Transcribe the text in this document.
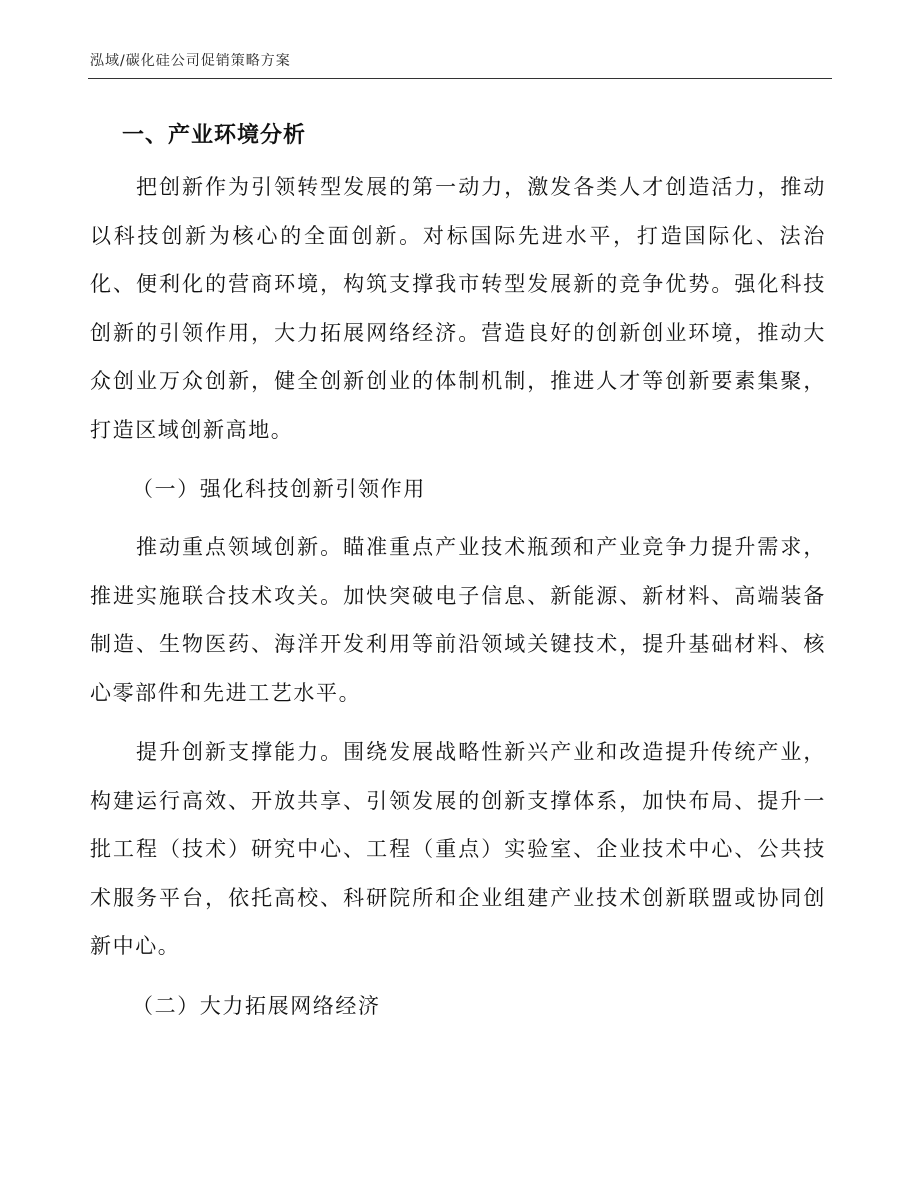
泓域/碳化硅公司促销策略方案
一、产业环境分析

把创新作为引领转型发展的第一动力，激发各类人才创造活力，推动以科技创新为核心的全面创新。对标国际先进水平，打造国际化、法治化、便利化的营商环境，构筑支撑我市转型发展新的竞争优势。强化科技创新的引领作用，大力拓展网络经济。营造良好的创新创业环境，推动大众创业万众创新，健全创新创业的体制机制，推进人才等创新要素集聚，打造区域创新高地。

（一）强化科技创新引领作用

推动重点领域创新。瞄准重点产业技术瓶颈和产业竞争力提升需求，推进实施联合技术攻关。加快突破电子信息、新能源、新材料、高端装备制造、生物医药、海洋开发利用等前沿领域关键技术，提升基础材料、核心零部件和先进工艺水平。

提升创新支撑能力。围绕发展战略性新兴产业和改造提升传统产业，构建运行高效、开放共享、引领发展的创新支撑体系，加快布局、提升一批工程（技术）研究中心、工程（重点）实验室、企业技术中心、公共技术服务平台，依托高校、科研院所和企业组建产业技术创新联盟或协同创新中心。

（二）大力拓展网络经济
